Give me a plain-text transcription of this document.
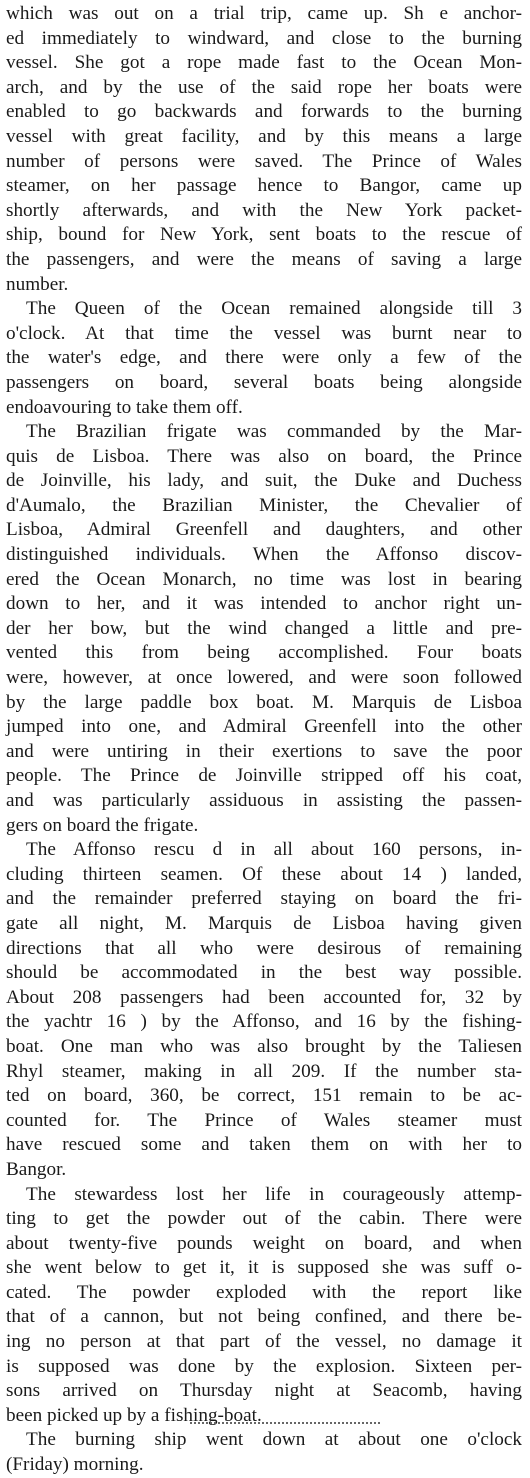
which was out on a trial trip, came up. Sh e anchor-
ed immediately to windward, and close to the burning
vessel. She got a rope made fast to the Ocean Mon-
arch, and by the use of the said rope her boats were
enabled to go backwards and forwards to the burning
vessel with great facility, and by this means a large
number of persons were saved. The Prince of Wales
steamer, on her passage hence to Bangor, came up
shortly afterwards, and with the New York packet-
ship, bound for New York, sent boats to the rescue of
the passengers, and were the means of saving a large
number.
The Queen of the Ocean remained alongside till 3
o'clock. At that time the vessel was burnt near to
the water's edge, and there were only a few of the
passengers on board, several boats being alongside
endoavouring to take them off.
The Brazilian frigate was commanded by the Mar-
quis de Lisboa. There was also on board, the Prince
de Joinville, his lady, and suit, the Duke and Duchess
d'Aumalo, the Brazilian Minister, the Chevalier of
Lisboa, Admiral Greenfell and daughters, and other
distinguished individuals. When the Affonso discov-
ered the Ocean Monarch, no time was lost in bearing
down to her, and it was intended to anchor right un-
der her bow, but the wind changed a little and pre-
vented this from being accomplished. Four boats
were, however, at once lowered, and were soon followed
by the large paddle box boat. M. Marquis de Lisboa
jumped into one, and Admiral Greenfell into the other
and were untiring in their exertions to save the poor
people. The Prince de Joinville stripped off his coat,
and was particularly assiduous in assisting the passen-
gers on board the frigate.
The Affonso rescu d in all about 160 persons, in-
cluding thirteen seamen. Of these about 14 ) landed,
and the remainder preferred staying on board the fri-
gate all night, M. Marquis de Lisboa having given
directions that all who were desirous of remaining
should be accommodated in the best way possible.
About 208 passengers had been accounted for, 32 by
the yachtr 16 ) by the Affonso, and 16 by the fishing-
boat. One man who was also brought by the Taliesen
Rhyl steamer, making in all 209. If the number sta-
ted on board, 360, be correct, 151 remain to be ac-
counted for. The Prince of Wales steamer must
have rescued some and taken them on with her to
Bangor.
The stewardess lost her life in courageously attemp-
ting to get the powder out of the cabin. There were
about twenty-five pounds weight on board, and when
she went below to get it, it is supposed she was suff o-
cated. The powder exploded with the report like
that of a cannon, but not being confined, and there be-
ing no person at that part of the vessel, no damage it
is supposed was done by the explosion. Sixteen per-
sons arrived on Thursday night at Seacomb, having
been picked up by a fishing-boat.
The burning ship went down at about one o'clock
(Friday) morning.
